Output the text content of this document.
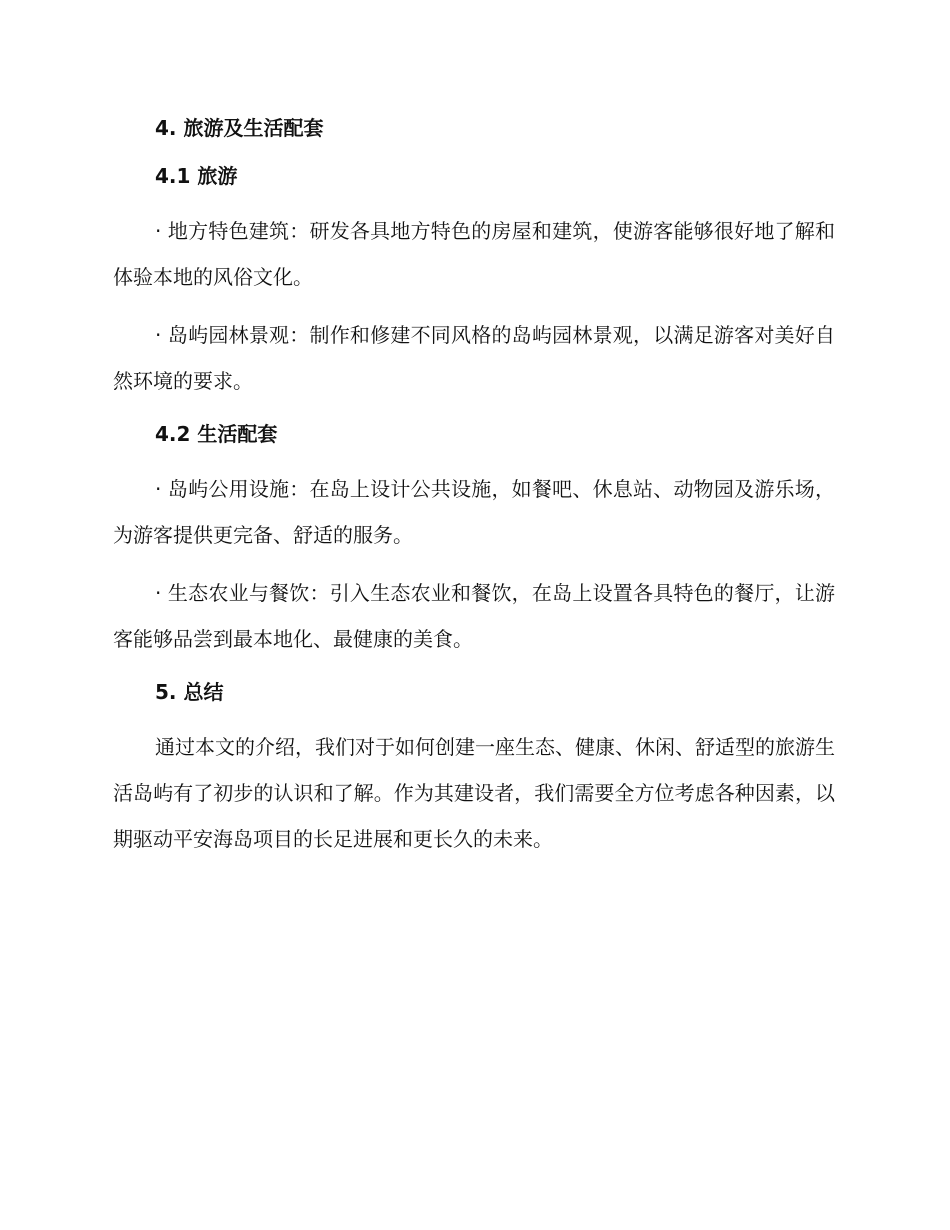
4. 旅游及生活配套

4.1 旅游

· 地方特色建筑：研发各具地方特色的房屋和建筑，使游客能够很好地了解和体验本地的风俗文化。

· 岛屿园林景观：制作和修建不同风格的岛屿园林景观，以满足游客对美好自然环境的要求。

4.2 生活配套

· 岛屿公用设施：在岛上设计公共设施，如餐吧、休息站、动物园及游乐场，为游客提供更完备、舒适的服务。

· 生态农业与餐饮：引入生态农业和餐饮，在岛上设置各具特色的餐厅，让游客能够品尝到最本地化、最健康的美食。

5. 总结

通过本文的介绍，我们对于如何创建一座生态、健康、休闲、舒适型的旅游生活岛屿有了初步的认识和了解。作为其建设者，我们需要全方位考虑各种因素，以期驱动平安海岛项目的长足进展和更长久的未来。
